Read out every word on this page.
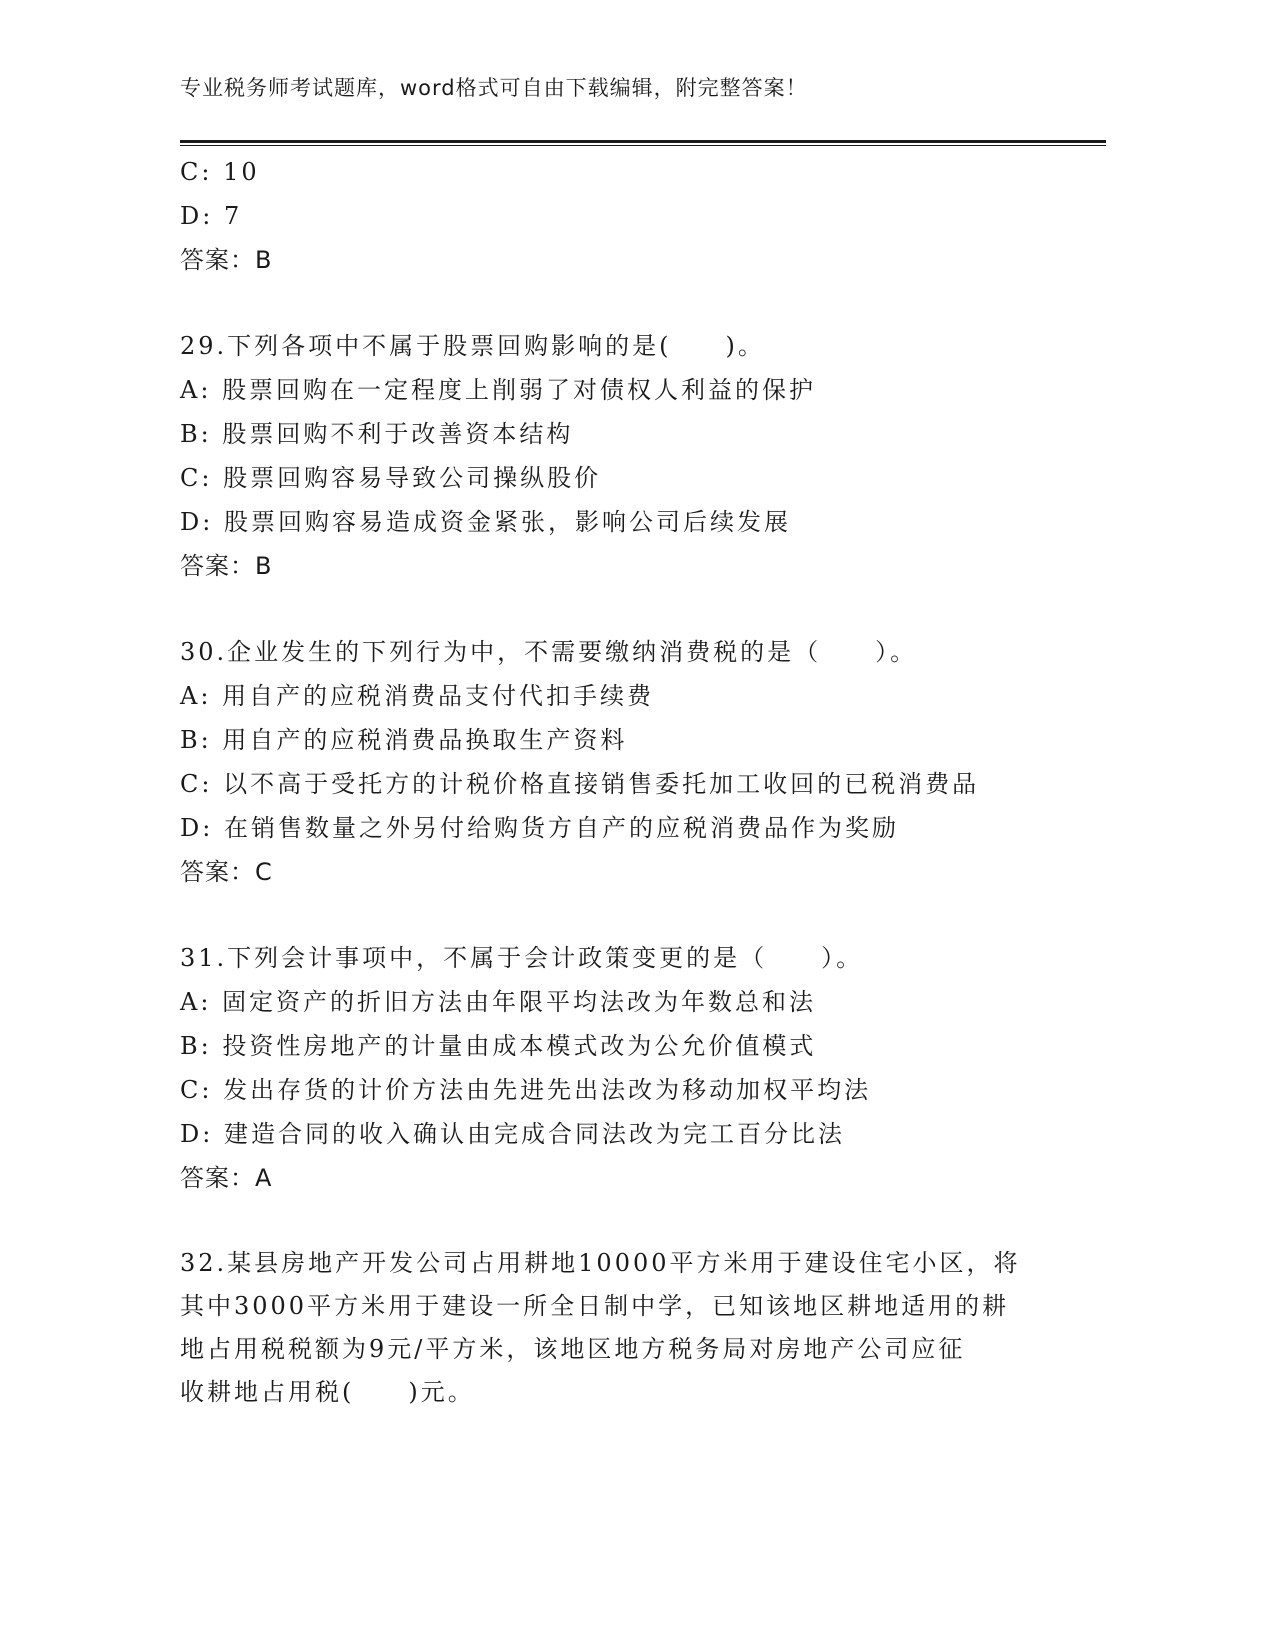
专业税务师考试题库，word格式可自由下载编辑，附完整答案！
C: 10
D: 7
答案：B
29.下列各项中不属于股票回购影响的是(　　)。
A: 股票回购在一定程度上削弱了对债权人利益的保护
B: 股票回购不利于改善资本结构
C: 股票回购容易导致公司操纵股价
D: 股票回购容易造成资金紧张，影响公司后续发展
答案：B
30.企业发生的下列行为中，不需要缴纳消费税的是（　　）。
A: 用自产的应税消费品支付代扣手续费
B: 用自产的应税消费品换取生产资料
C: 以不高于受托方的计税价格直接销售委托加工收回的已税消费品
D: 在销售数量之外另付给购货方自产的应税消费品作为奖励
答案：C
31.下列会计事项中，不属于会计政策变更的是（　　）。
A: 固定资产的折旧方法由年限平均法改为年数总和法
B: 投资性房地产的计量由成本模式改为公允价值模式
C: 发出存货的计价方法由先进先出法改为移动加权平均法
D: 建造合同的收入确认由完成合同法改为完工百分比法
答案：A
32.某县房地产开发公司占用耕地10000平方米用于建设住宅小区，将
其中3000平方米用于建设一所全日制中学，已知该地区耕地适用的耕
地占用税税额为9元/平方米，该地区地方税务局对房地产公司应征
收耕地占用税(　　)元。
